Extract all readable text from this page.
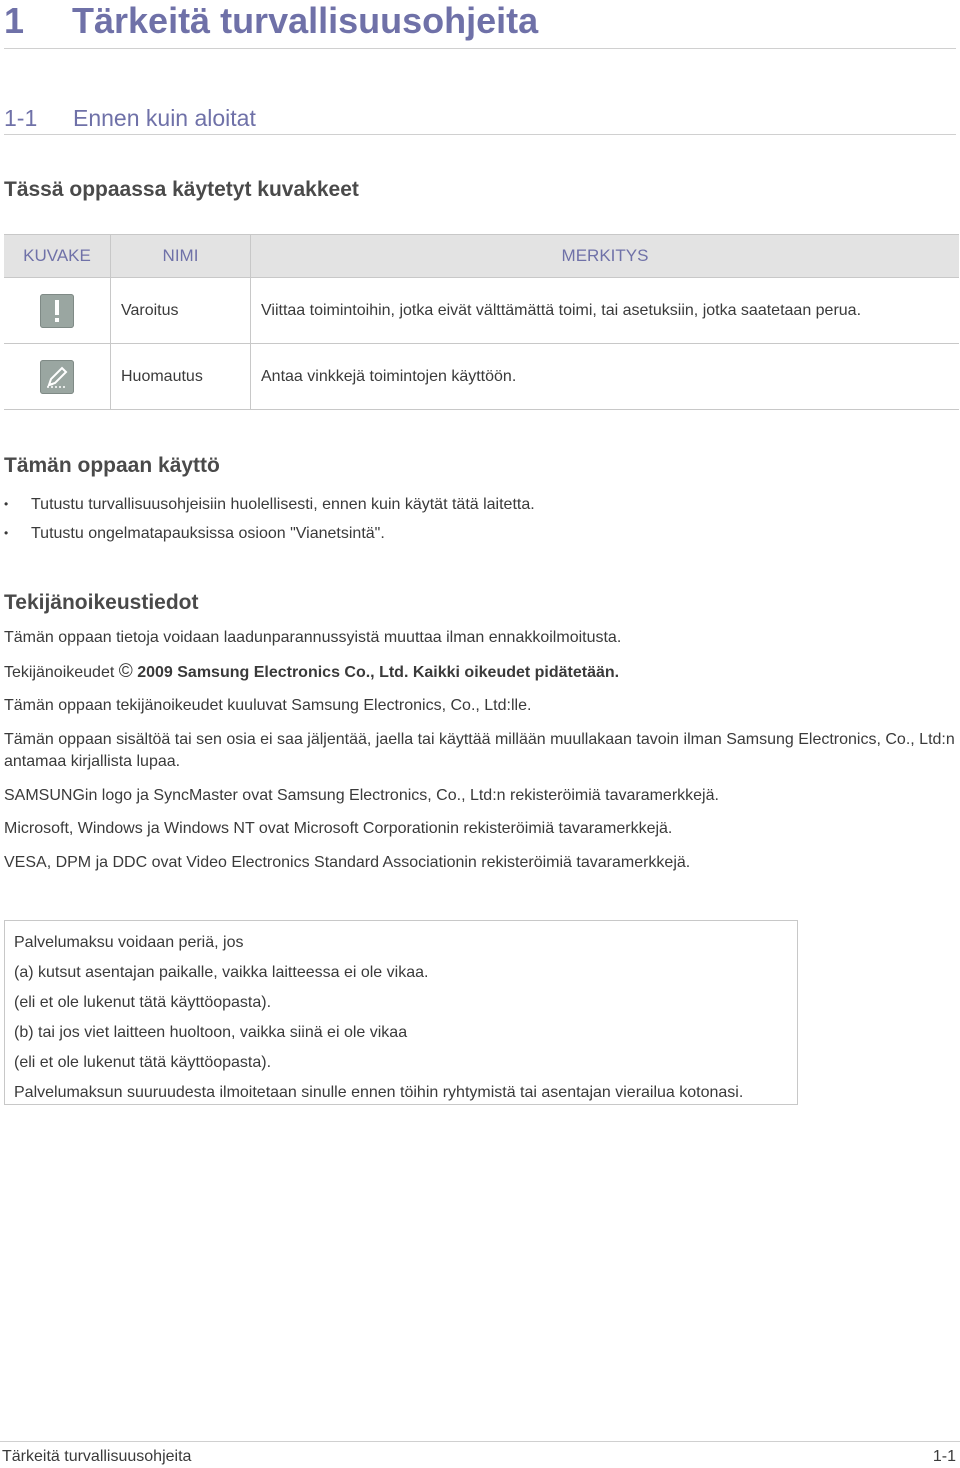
1 Tärkeitä turvallisuusohjeita
1-1 Ennen kuin aloitat
Tässä oppaassa käytetyt kuvakkeet
KUVAKE	NIMI	MERKITYS
	Varoitus	Viittaa toimintoihin, jotka eivät välttämättä toimi, tai asetuksiin, jotka saatetaan perua.

	Huomautus	Antaa vinkkejä toimintojen käyttöön.
Tämän oppaan käyttö
• Tutustu turvallisuusohjeisiin huolellisesti, ennen kuin käytät tätä laitetta.
• Tutustu ongelmatapauksissa osioon "Vianetsintä".
Tekijänoikeustiedot

Tämän oppaan tietoja voidaan laadunparannussyistä muuttaa ilman ennakkoilmoitusta.

Tekijänoikeudet © 2009 Samsung Electronics Co., Ltd. Kaikki oikeudet pidätetään.

Tämän oppaan tekijänoikeudet kuuluvat Samsung Electronics, Co., Ltd:lle.

Tämän oppaan sisältöä tai sen osia ei saa jäljentää, jaella tai käyttää millään muullakaan tavoin ilman Samsung Electronics, Co., Ltd:n antamaa kirjallista lupaa.

SAMSUNGin logo ja SyncMaster ovat Samsung Electronics, Co., Ltd:n rekisteröimiä tavaramerkkejä.

Microsoft, Windows ja Windows NT ovat Microsoft Corporationin rekisteröimiä tavaramerkkejä.

VESA, DPM ja DDC ovat Video Electronics Standard Associationin rekisteröimiä tavaramerkkejä.

Palvelumaksu voidaan periä, jos

(a) kutsut asentajan paikalle, vaikka laitteessa ei ole vikaa.

(eli et ole lukenut tätä käyttöopasta).

(b) tai jos viet laitteen huoltoon, vaikka siinä ei ole vikaa

(eli et ole lukenut tätä käyttöopasta).

Palvelumaksun suuruudesta ilmoitetaan sinulle ennen töihin ryhtymistä tai asentajan vierailua kotonasi.

Tärkeitä turvallisuusohjeita	1-1
